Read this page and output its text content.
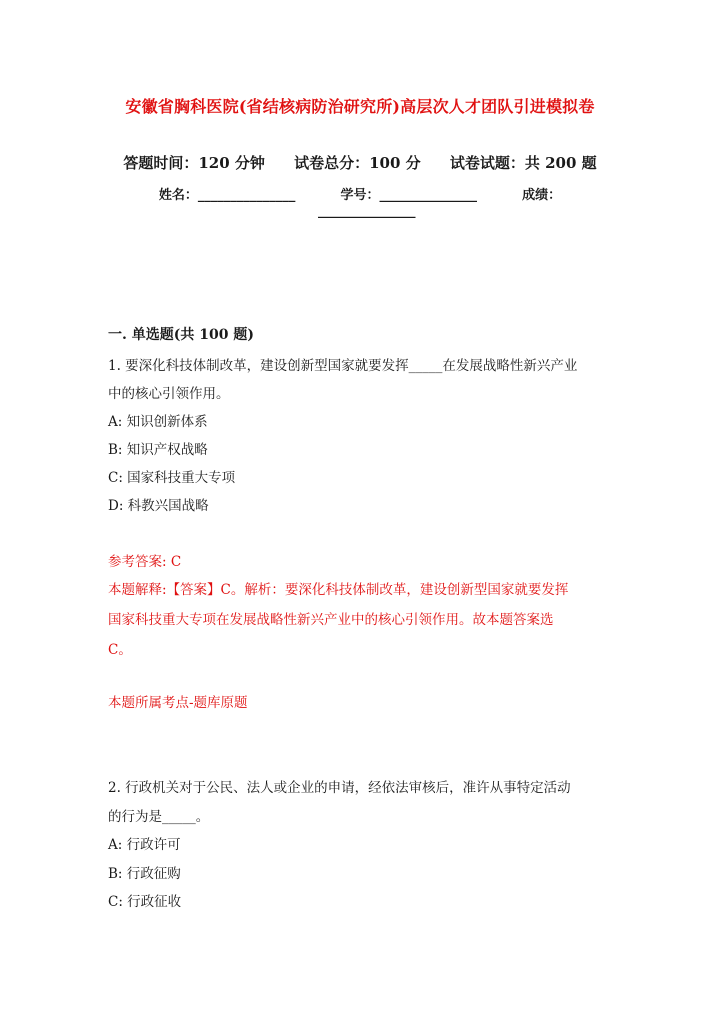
安徽省胸科医院(省结核病防治研究所)高层次人才团队引进模拟卷
答题时间：120 分钟 试卷总分：100 分 试卷试题：共 200 题
姓名：_______________	学号：_______________	成绩：
_______________
一. 单选题(共 100 题)
1. 要深化科技体制改革，建设创新型国家就要发挥_____在发展战略性新兴产业
中的核心引领作用。
A: 知识创新体系
B: 知识产权战略
C: 国家科技重大专项
D: 科教兴国战略
参考答案: C
本题解释:【答案】C。解析：要深化科技体制改革，建设创新型国家就要发挥
国家科技重大专项在发展战略性新兴产业中的核心引领作用。故本题答案选
C。
本题所属考点-题库原题
2. 行政机关对于公民、法人或企业的申请，经依法审核后，准许从事特定活动
的行为是_____。
A: 行政许可
B: 行政征购
C: 行政征收
